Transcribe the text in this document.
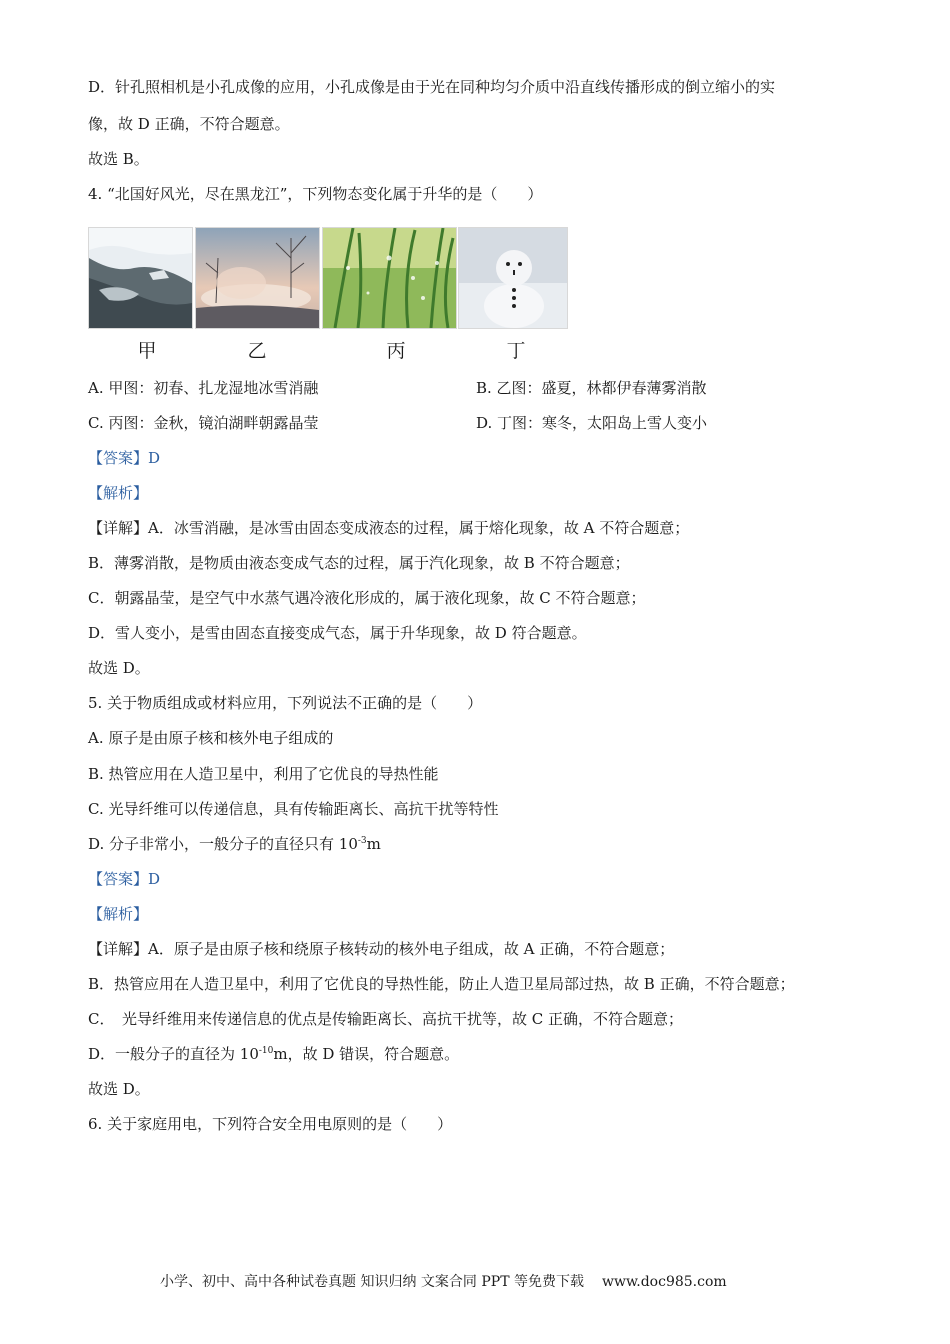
D．针孔照相机是小孔成像的应用，小孔成像是由于光在同种均匀介质中沿直线传播形成的倒立缩小的实
像，故 D 正确，不符合题意。
故选 B。
4. “北国好风光，尽在黑龙江”，下列物态变化属于升华的是（　　）
甲	乙	丙	丁
A. 甲图：初春、扎龙湿地冰雪消融	B. 乙图：盛夏，林都伊春薄雾消散
C. 丙图：金秋，镜泊湖畔朝露晶莹	D. 丁图：寒冬，太阳岛上雪人变小
【答案】D
【解析】
【详解】A．冰雪消融，是冰雪由固态变成液态的过程，属于熔化现象，故 A 不符合题意；
B．薄雾消散，是物质由液态变成气态的过程，属于汽化现象，故 B 不符合题意；
C．朝露晶莹，是空气中水蒸气遇冷液化形成的，属于液化现象，故 C 不符合题意；
D．雪人变小，是雪由固态直接变成气态，属于升华现象，故 D 符合题意。
故选 D。
5. 关于物质组成或材料应用，下列说法不正确的是（　　）
A. 原子是由原子核和核外电子组成的
B. 热管应用在人造卫星中，利用了它优良的导热性能
C. 光导纤维可以传递信息，具有传输距离长、高抗干扰等特性
D. 分子非常小，一般分子的直径只有 $10^{-3}m$
【答案】D
【解析】
【详解】A．原子是由原子核和绕原子核转动的核外电子组成，故 A 正确，不符合题意；
B．热管应用在人造卫星中，利用了它优良的导热性能，防止人造卫星局部过热，故 B 正确，不符合题意；
C．　光导纤维用来传递信息的优点是传输距离长、高抗干扰等，故 C 正确，不符合题意；
D．一般分子的直径为 $10^{-10}m$，故 D 错误，符合题意。
故选 D。
6. 关于家庭用电，下列符合安全用电原则的是（　　）
小学、初中、高中各种试卷真题 知识归纳 文案合同 PPT 等免费下载 www.doc985.com
